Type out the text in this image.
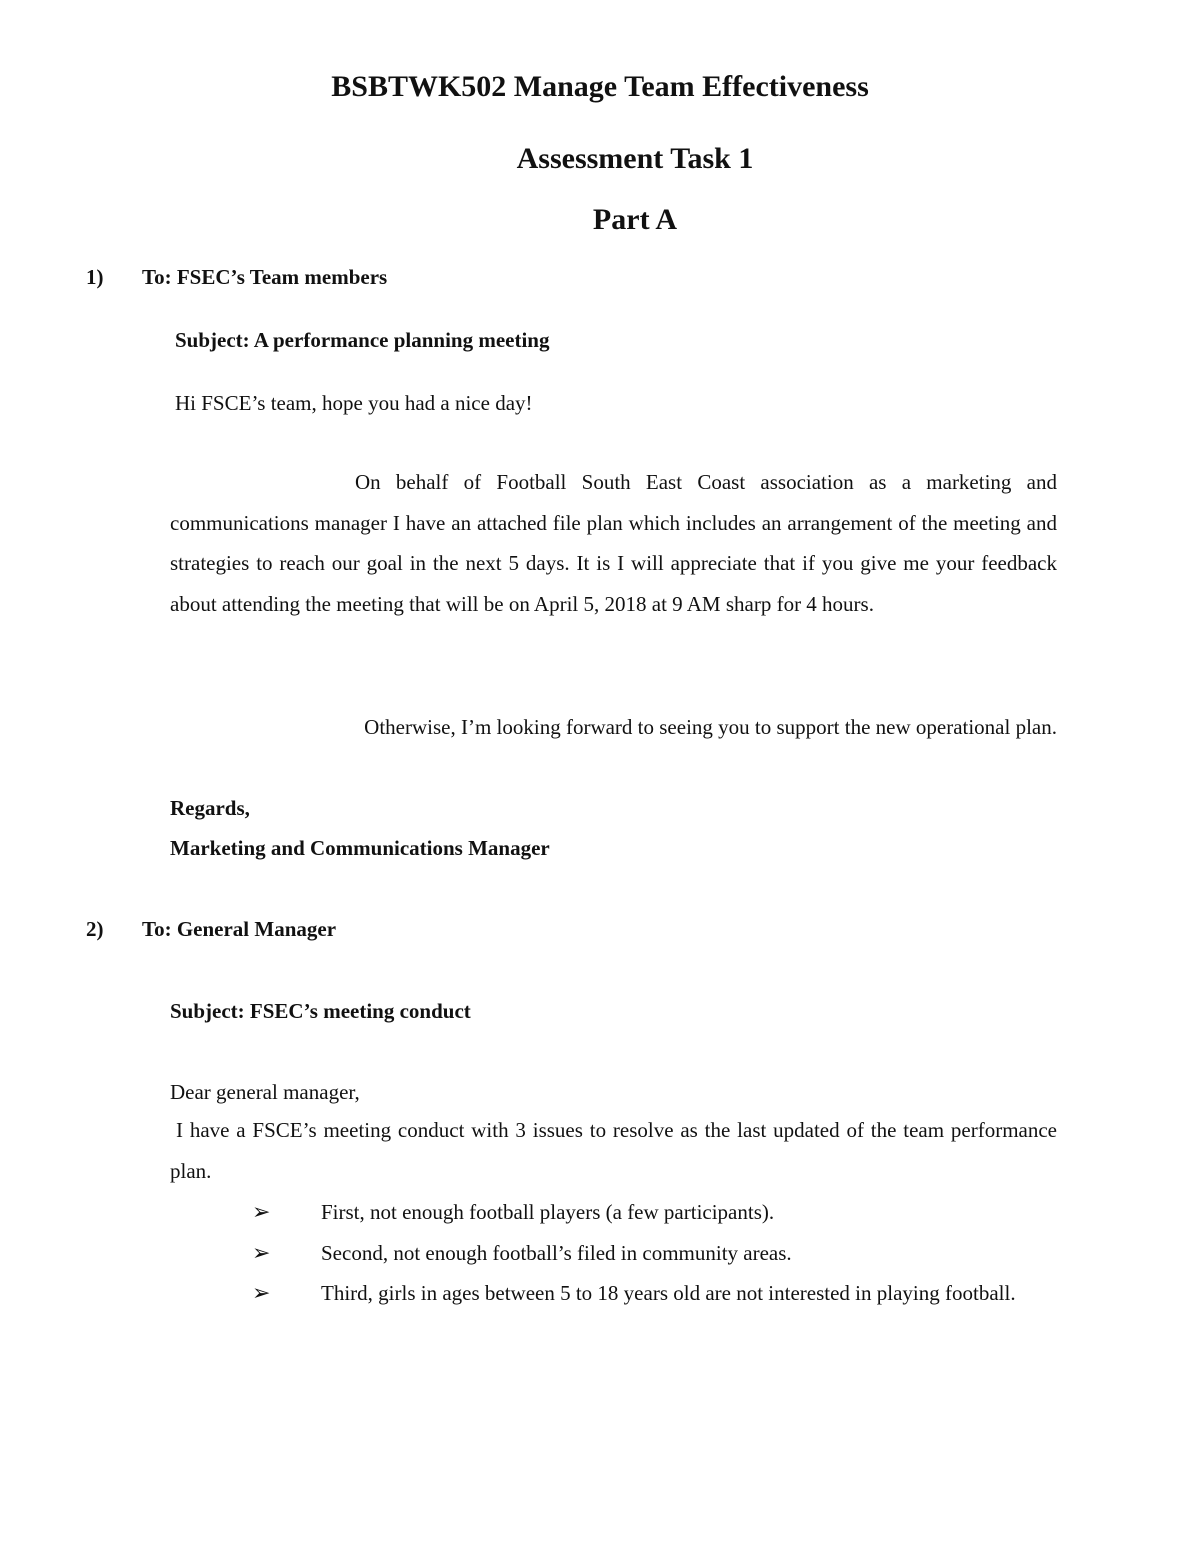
BSBTWK502 Manage Team Effectiveness
Assessment Task 1
Part A
1) To: FSEC’s Team members
Subject: A performance planning meeting
Hi FSCE’s team, hope you had a nice day!
On behalf of Football South East Coast association as a marketing and communications manager I have an attached file plan which includes an arrangement of the meeting and strategies to reach our goal in the next 5 days. It is I will appreciate that if you give me your feedback about attending the meeting that will be on April 5, 2018 at 9 AM sharp for 4 hours.
Otherwise, I’m looking forward to seeing you to support the new operational plan.
Regards,
Marketing and Communications Manager
2) To: General Manager
Subject: FSEC’s meeting conduct
Dear general manager,
I have a FSCE’s meeting conduct with 3 issues to resolve as the last updated of the team performance plan.
➢ First, not enough football players (a few participants).
➢ Second, not enough football’s filed in community areas.
➢ Third, girls in ages between 5 to 18 years old are not interested in playing football.
